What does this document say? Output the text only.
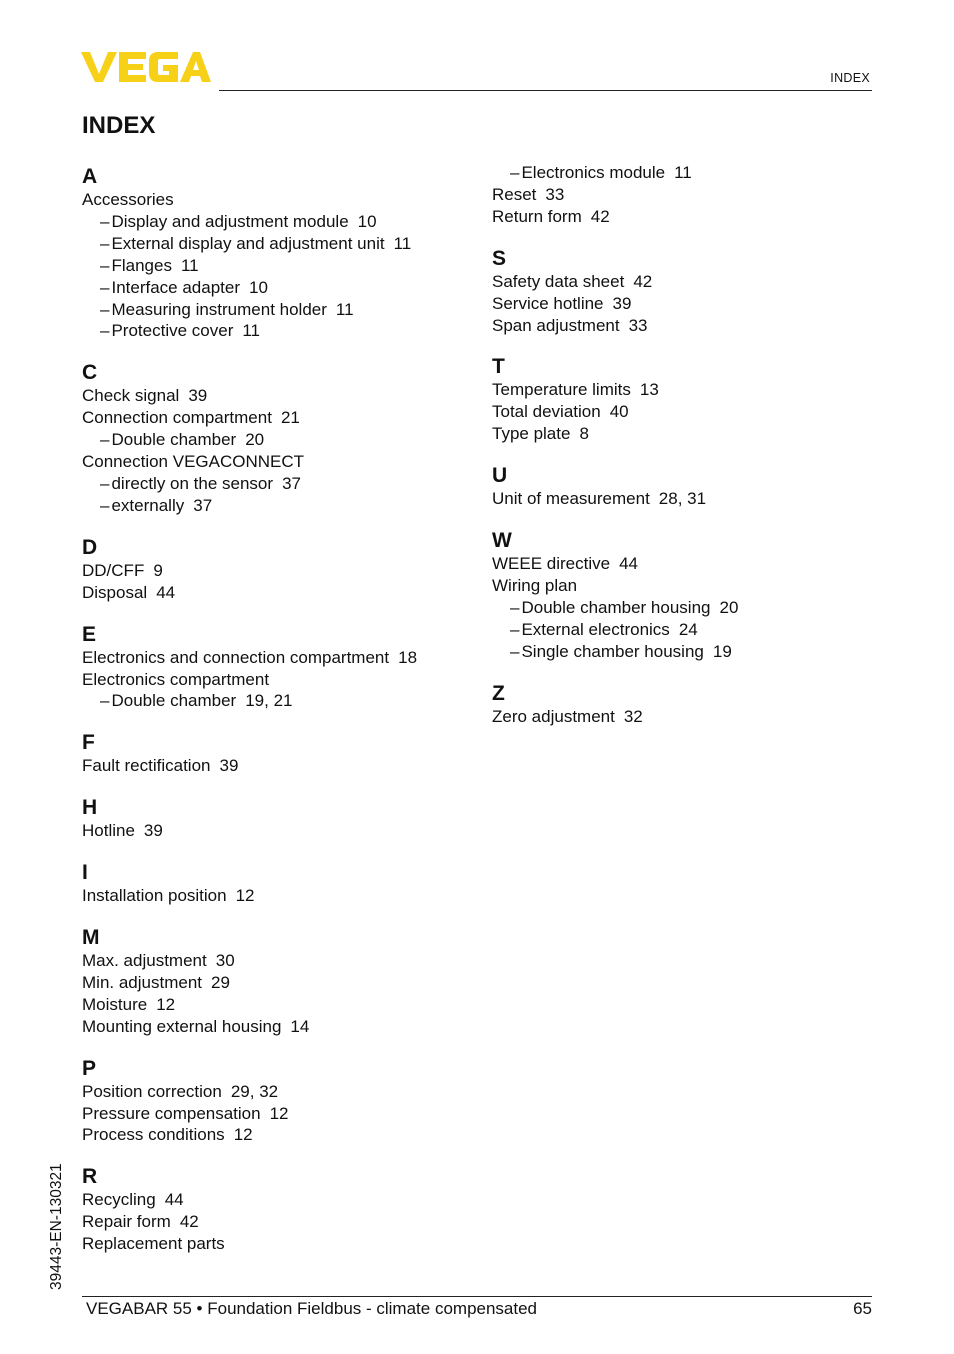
VEGA
INDEX
INDEX
A
Accessories
– Display and adjustment module 10
– External display and adjustment unit 11
– Flanges 11
– Interface adapter 10
– Measuring instrument holder 11
– Protective cover 11
C
Check signal 39
Connection compartment 21
– Double chamber 20
Connection VEGACONNECT
– directly on the sensor 37
– externally 37
D
DD/CFF 9
Disposal 44
E
Electronics and connection compartment 18
Electronics compartment
– Double chamber 19, 21
F
Fault rectification 39
H
Hotline 39
I
Installation position 12
M
Max. adjustment 30
Min. adjustment 29
Moisture 12
Mounting external housing 14
P
Position correction 29, 32
Pressure compensation 12
Process conditions 12
R
Recycling 44
Repair form 42
Replacement parts
– Electronics module 11
Reset 33
Return form 42
S
Safety data sheet 42
Service hotline 39
Span adjustment 33
T
Temperature limits 13
Total deviation 40
Type plate 8
U
Unit of measurement 28, 31
W
WEEE directive 44
Wiring plan
– Double chamber housing 20
– External electronics 24
– Single chamber housing 19
Z
Zero adjustment 32
39443-EN-130321
VEGABAR 55 • Foundation Fieldbus - climate compensated	65
